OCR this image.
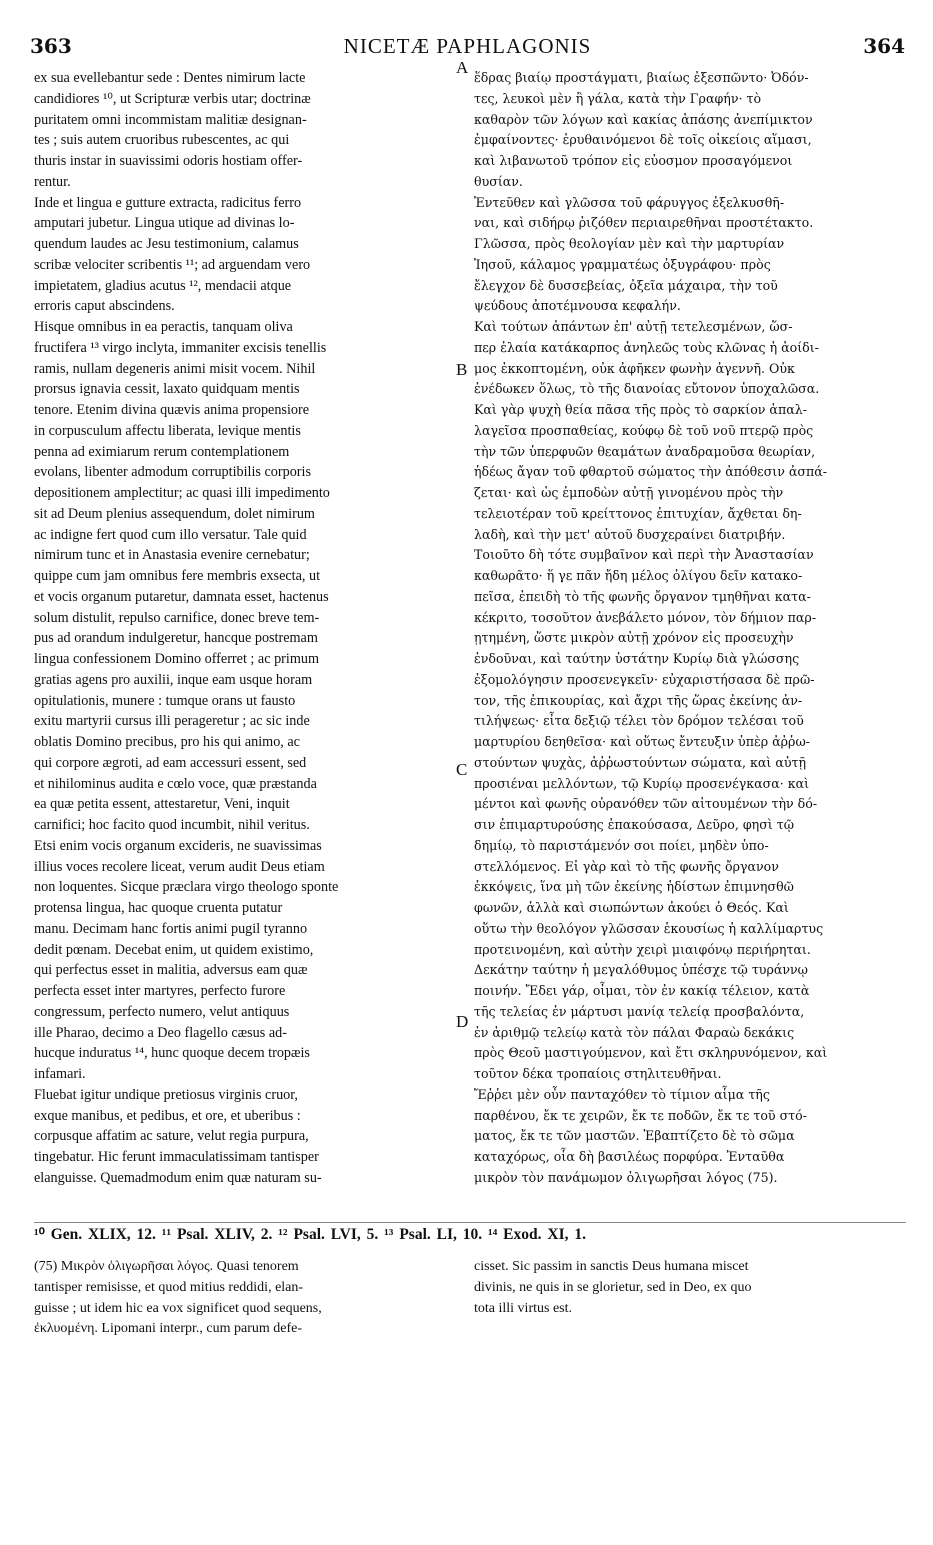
363	NICETÆ PAPHLAGONIS	364
ex sua evellebantur sede : Dentes nimirum lacte
candidiores ¹⁰, ut Scripturæ verbis utar; doctrinæ
puritatem omni incommistam malitiæ designan-
tes ; suis autem cruoribus rubescentes, ac qui
thuris instar in suavissimi odoris hostiam offer-
rentur.
Inde et lingua e gutture extracta, radicitus ferro
amputari jubetur. Lingua utique ad divinas lo-
quendum laudes ac Jesu testimonium, calamus
scribæ velociter scribentis ¹¹; ad arguendam vero
impietatem, gladius acutus ¹², mendacii atque
erroris caput abscindens.
Hisque omnibus in ea peractis, tanquam oliva
fructifera ¹³ virgo inclyta, immaniter excisis tenellis
ramis, nullam degeneris animi misit vocem. Nihil
prorsus ignavia cessit, laxato quidquam mentis
tenore. Etenim divina quævis anima propensiore
in corpusculum affectu liberata, levique mentis
penna ad eximiarum rerum contemplationem
evolans, libenter admodum corruptibilis corporis
depositionem amplectitur; ac quasi illi impedimento
sit ad Deum plenius assequendum, dolet nimirum
ac indigne fert quod cum illo versatur. Tale quid
nimirum tunc et in Anastasia evenire cernebatur;
quippe cum jam omnibus fere membris exsecta, ut
et vocis organum putaretur, damnata esset, hactenus
solum distulit, repulso carnifice, donec breve tem-
pus ad orandum indulgeretur, hancque postremam
lingua confessionem Domino offerret ; ac primum
gratias agens pro auxilii, inque eam usque horam
opitulationis, munere : tumque orans ut fausto
exitu martyrii cursus illi perageretur ; ac sic inde
oblatis Domino precibus, pro his qui animo, ac
qui corpore ægroti, ad eam accessuri essent, sed
et nihilominus audita e cœlo voce, quæ præstanda
ea quæ petita essent, attestaretur, Veni, inquit
carnifici; hoc facito quod incumbit, nihil veritus.
Etsi enim vocis organum excideris, ne suavissimas
illius voces recolere liceat, verum audit Deus etiam
non loquentes. Sicque præclara virgo theologo sponte
protensa lingua, hac quoque cruenta putatur
manu. Decimam hanc fortis animi pugil tyranno
dedit pœnam. Decebat enim, ut quidem existimo,
qui perfectus esset in malitia, adversus eam quæ
perfecta esset inter martyres, perfecto furore
congressum, perfecto numero, velut antiquus
ille Pharao, decimo a Deo flagello cæsus ad-
hucque induratus ¹⁴, hunc quoque decem tropæis
infamari.
Fluebat igitur undique pretiosus virginis cruor,
exque manibus, et pedibus, et ore, et uberibus :
corpusque affatim ac sature, velut regia purpura,
tingebatur. Hic ferunt immaculatissimam tantisper
elanguisse. Quemadmodum enim quæ naturam su-
ἕδρας βιαίῳ προστάγματι, βιαίως ἐξεσπῶντο· Ὀδόν-
τες, λευκοὶ μὲν ἢ γάλα, κατὰ τὴν Γραφήν· τὸ
καθαρὸν τῶν λόγων καὶ κακίας ἁπάσης ἀνεπίμικτον
ἐμφαίνοντες· ἐρυθαινόμενοι δὲ τοῖς οἰκείοις αἵμασι,
καὶ λιβανωτοῦ τρόπον εἰς εὐοσμον προσαγόμενοι
θυσίαν.
Ἐντεῦθεν καὶ γλῶσσα τοῦ φάρυγγος ἐξελκυσθῆ-
ναι, καὶ σιδήρῳ ῥιζόθεν περιαιρεθῆναι προστέτακτο.
Γλῶσσα, πρὸς θεολογίαν μὲν καὶ τὴν μαρτυρίαν
Ἰησοῦ, κάλαμος γραμματέως ὀξυγράφου· πρὸς
ἔλεγχον δὲ δυσσεβείας, ὀξεῖα μάχαιρα, τὴν τοῦ
ψεύδους ἀποτέμνουσα κεφαλήν.
Καὶ τούτων ἁπάντων ἐπ' αὐτῇ τετελεσμένων, ὥσ-
περ ἐλαία κατάκαρπος ἀνηλεῶς τοὺς κλῶνας ἡ ἀοίδι-
μος ἐκκοπτομένη, οὐκ ἀφῆκεν φωνὴν ἀγεννῆ. Οὐκ
ἐνέδωκεν ὅλως, τὸ τῆς διανοίας εὔτονον ὑποχαλῶσα.
Καὶ γὰρ ψυχὴ θεία πᾶσα τῆς πρὸς τὸ σαρκίον ἀπαλ-
λαγεῖσα προσπαθείας, κούφῳ δὲ τοῦ νοῦ πτερῷ πρὸς
τὴν τῶν ὑπερφυῶν θεαμάτων ἀναδραμοῦσα θεωρίαν,
ἡδέως ἄγαν τοῦ φθαρτοῦ σώματος τὴν ἀπόθεσιν ἀσπά-
ζεται· καὶ ὡς ἐμποδὼν αὐτῇ γινομένου πρὸς τὴν
τελειοτέραν τοῦ κρείττονος ἐπιτυχίαν, ἄχθεται δη-
λαδὴ, καὶ τὴν μετ' αὐτοῦ δυσχεραίνει διατριβήν.
Τοιοῦτο δὴ τότε συμβαῖνον καὶ περὶ τὴν Ἀναστασίαν
καθωρᾶτο· ἥ γε πᾶν ἤδη μέλος ὀλίγου δεῖν κατακο-
πεῖσα, ἐπειδὴ τὸ τῆς φωνῆς ὄργανον τμηθῆναι κατα-
κέκριτο, τοσοῦτον ἀνεβάλετο μόνον, τὸν δήμιον παρ-
ῃτημένη, ὥστε μικρὸν αὐτῇ χρόνον εἰς προσευχὴν
ἐνδοῦναι, καὶ ταύτην ὑστάτην Κυρίῳ διὰ γλώσσης
ἐξομολόγησιν προσενεγκεῖν· εὐχαριστήσασα δὲ πρῶ-
τον, τῆς ἐπικουρίας, καὶ ἄχρι τῆς ὥρας ἐκείνης ἀν-
τιλήψεως· εἶτα δεξιῷ τέλει τὸν δρόμον τελέσαι τοῦ
μαρτυρίου δεηθεῖσα· καὶ οὕτως ἔντευξιν ὑπὲρ ἀῤῥω-
στούντων ψυχὰς, ἀῤῥωστούντων σώματα, καὶ αὐτῇ
προσιέναι μελλόντων, τῷ Κυρίῳ προσενέγκασα· καὶ
μέντοι καὶ φωνῆς οὐρανόθεν τῶν αἰτουμένων τὴν δό-
σιν ἐπιμαρτυρούσης ἐπακούσασα, Δεῦρο, φησὶ τῷ
δημίῳ, τὸ παριστάμενόν σοι ποίει, μηδὲν ὑπο-
στελλόμενος. Εἰ γὰρ καὶ τὸ τῆς φωνῆς ὄργανον
ἐκκόψεις, ἵνα μὴ τῶν ἐκείνης ἡδίστων ἐπιμνησθῶ
φωνῶν, ἀλλὰ καὶ σιωπώντων ἀκούει ὁ Θεός. Καὶ
οὕτω τὴν θεολόγον γλῶσσαν ἑκουσίως ἡ καλλίμαρτυς
προτεινομένη, καὶ αὐτὴν χειρὶ μιαιφόνῳ περιήρηται.
Δεκάτην ταύτην ἡ μεγαλόθυμος ὑπέσχε τῷ τυράννῳ
ποινήν. Ἔδει γάρ, οἶμαι, τὸν ἐν κακίᾳ τέλειον, κατὰ
τῆς τελείας ἐν μάρτυσι μανίᾳ τελείᾳ προσβαλόντα,
ἐν ἀριθμῷ τελείῳ κατὰ τὸν πάλαι Φαραὼ δεκάκις
πρὸς Θεοῦ μαστιγούμενον, καὶ ἔτι σκληρυνόμενον, καὶ
τοῦτον δέκα τροπαίοις στηλιτευθῆναι.
Ἔῤῥει μὲν οὖν πανταχόθεν τὸ τίμιον αἷμα τῆς
παρθένου, ἔκ τε χειρῶν, ἔκ τε ποδῶν, ἔκ τε τοῦ στό-
ματος, ἔκ τε τῶν μαστῶν. Ἐβαπτίζετο δὲ τὸ σῶμα
καταχόρως, οἷα δὴ βασιλέως πορφύρα. Ἐνταῦθα
μικρὸν τὸν πανάμωμον ὀλιγωρῆσαι λόγος (75).
A
B
C
D
¹⁰ Gen. XLIX, 12. ¹¹ Psal. XLIV, 2. ¹² Psal. LVI, 5. ¹³ Psal. LI, 10. ¹⁴ Exod. XI, 1.
(75) Μικρὸν ὀλιγωρῆσαι λόγος. Quasi tenorem
tantisper remisisse, et quod mitius reddidi, elan-
guisse ; ut idem hic ea vox significet quod sequens,
ἐκλυομένη. Lipomani interpr., cum parum defe-
cisset. Sic passim in sanctis Deus humana miscet
divinis, ne quis in se glorietur, sed in Deo, ex quo
tota illi virtus est.
